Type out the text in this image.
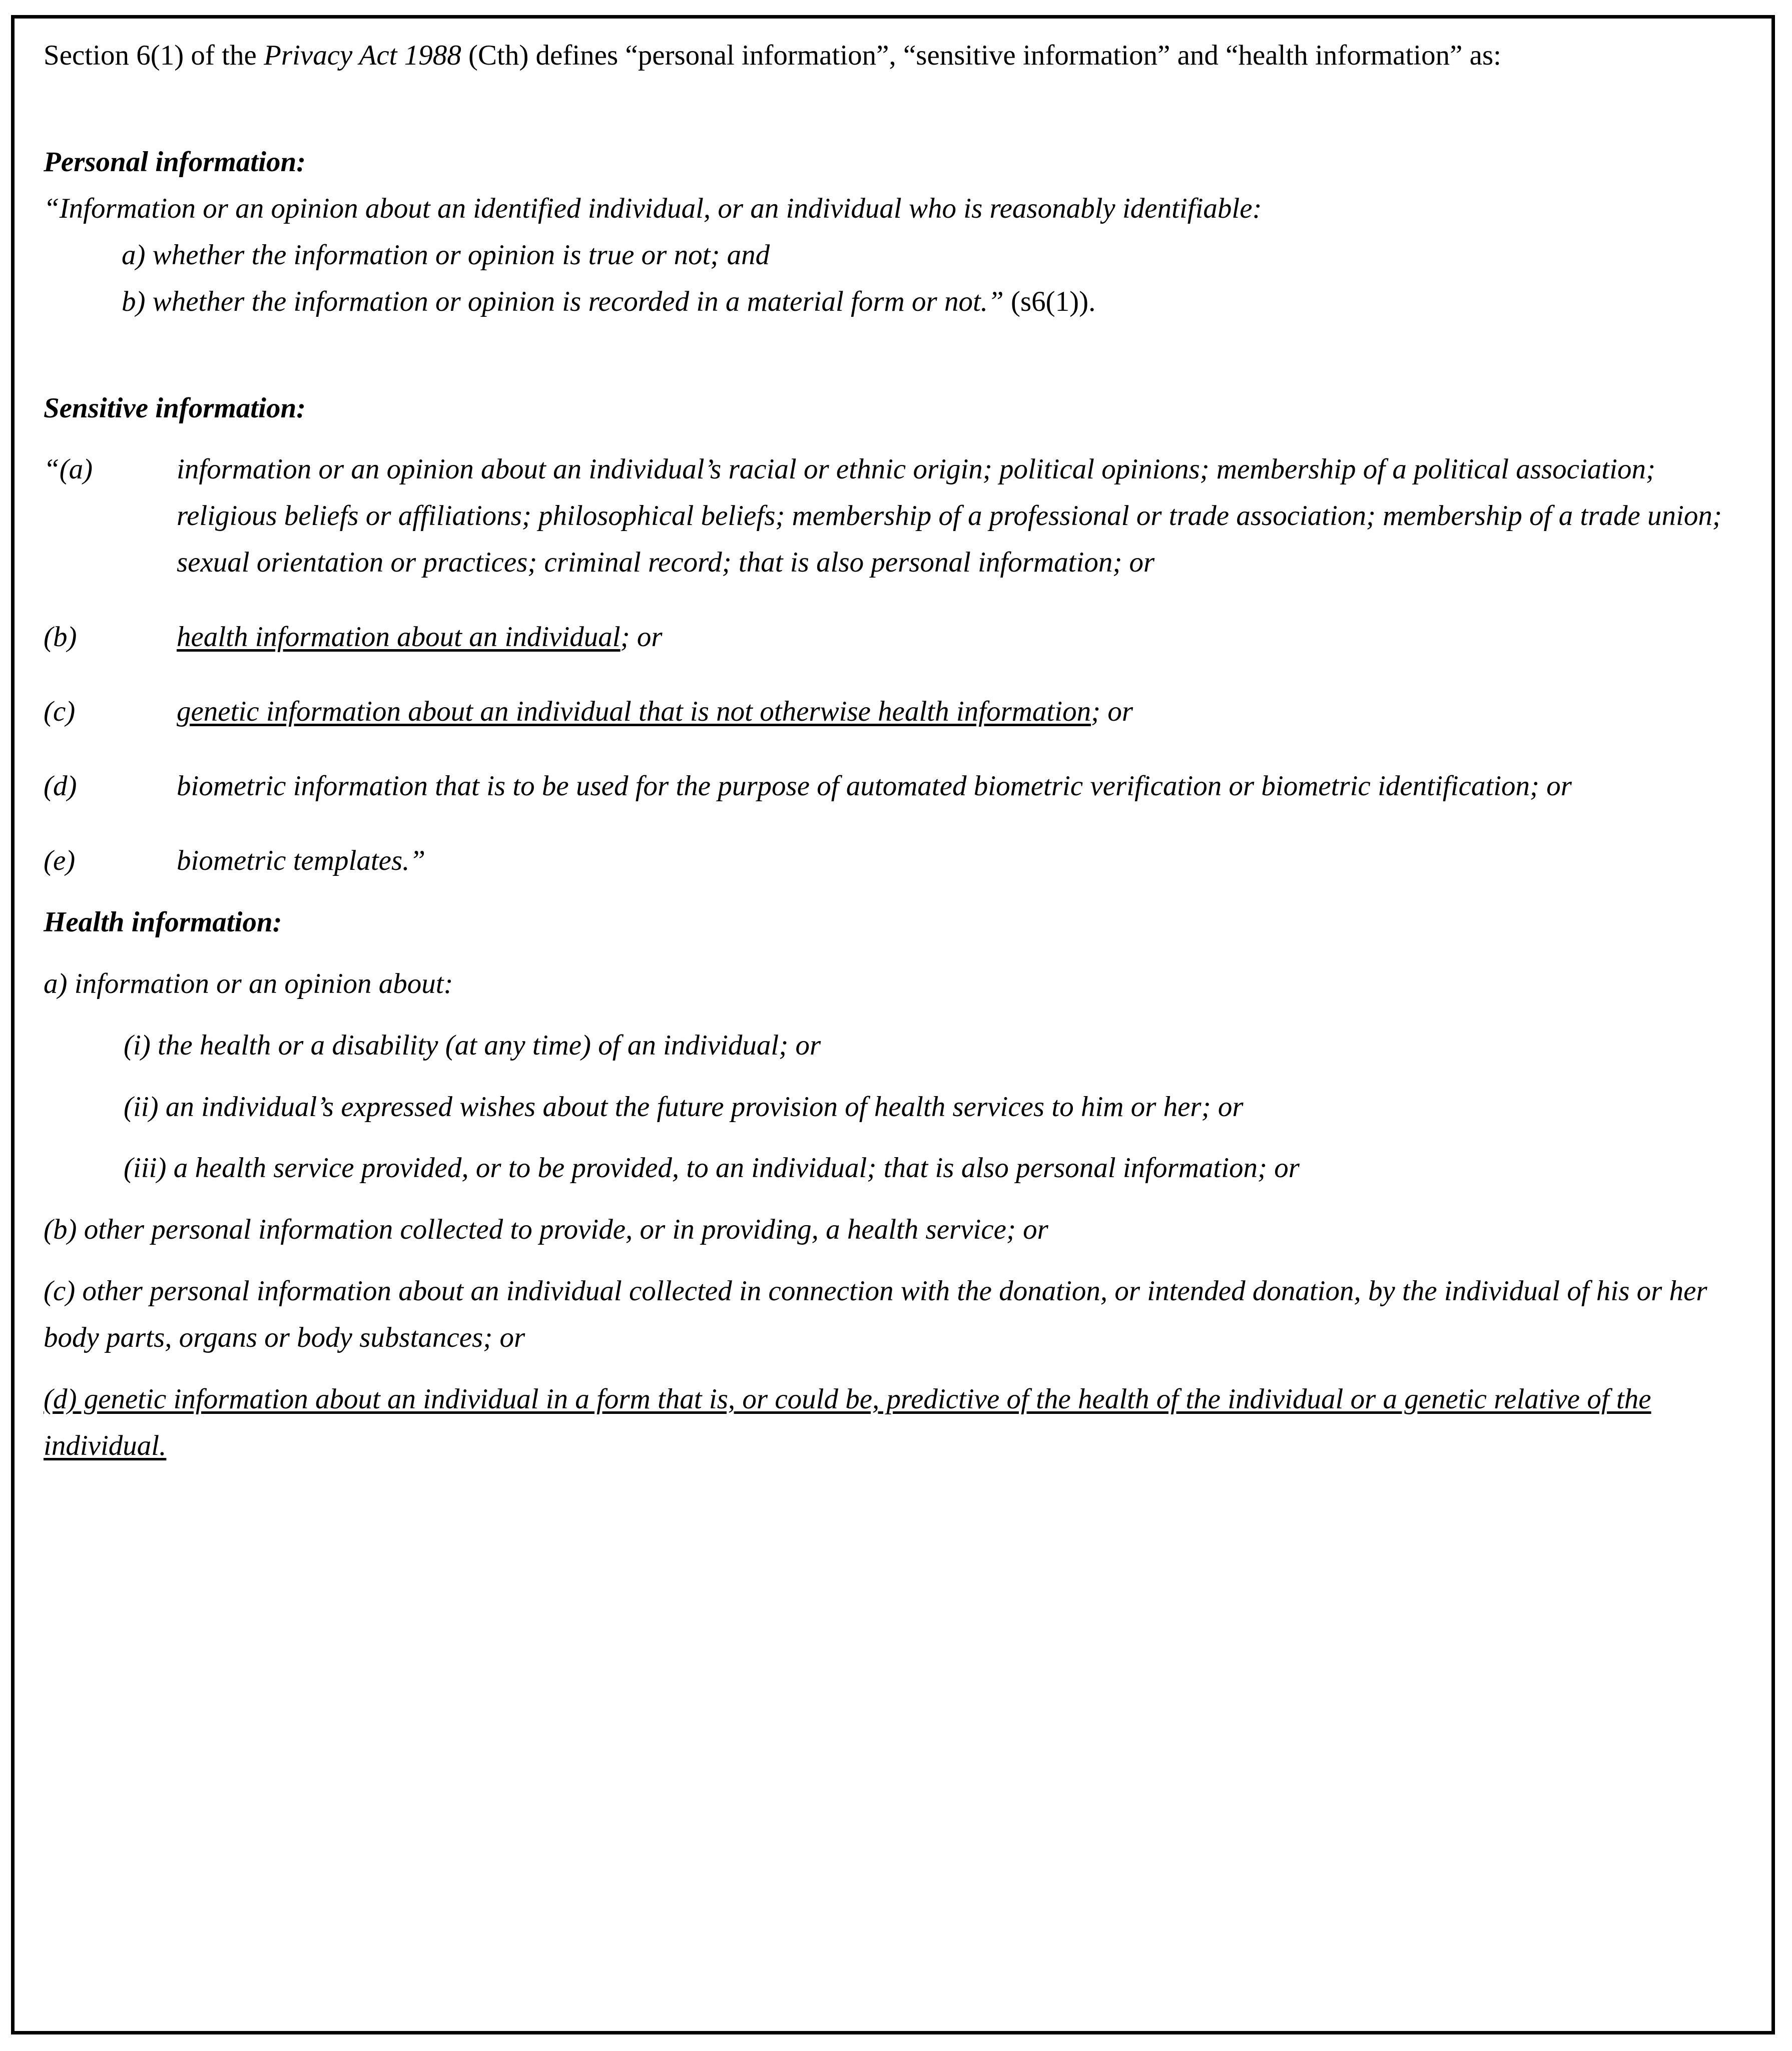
Section 6(1) of the Privacy Act 1988 (Cth) defines “personal information”, “sensitive information” and “health information” as:

Personal information:

“Information or an opinion about an identified individual, or an individual who is reasonably identifiable:

a) whether the information or opinion is true or not; and

b) whether the information or opinion is recorded in a material form or not.” (s6(1)).

Sensitive information:

“(a)	information or an opinion about an individual’s racial or ethnic origin; political opinions; membership of a political association; religious beliefs or affiliations; philosophical beliefs; membership of a professional or trade association; membership of a trade union; sexual orientation or practices; criminal record; that is also personal information; or

(b)	health information about an individual; or

(c)	genetic information about an individual that is not otherwise health information; or

(d)	biometric information that is to be used for the purpose of automated biometric verification or biometric identification; or

(e)	biometric templates.”

Health information:

a) information or an opinion about:

(i) the health or a disability (at any time) of an individual; or

(ii) an individual’s expressed wishes about the future provision of health services to him or her; or

(iii) a health service provided, or to be provided, to an individual; that is also personal information; or

(b) other personal information collected to provide, or in providing, a health service; or

(c) other personal information about an individual collected in connection with the donation, or intended donation, by the individual of his or her body parts, organs or body substances; or

(d) genetic information about an individual in a form that is, or could be, predictive of the health of the individual or a genetic relative of the individual.
